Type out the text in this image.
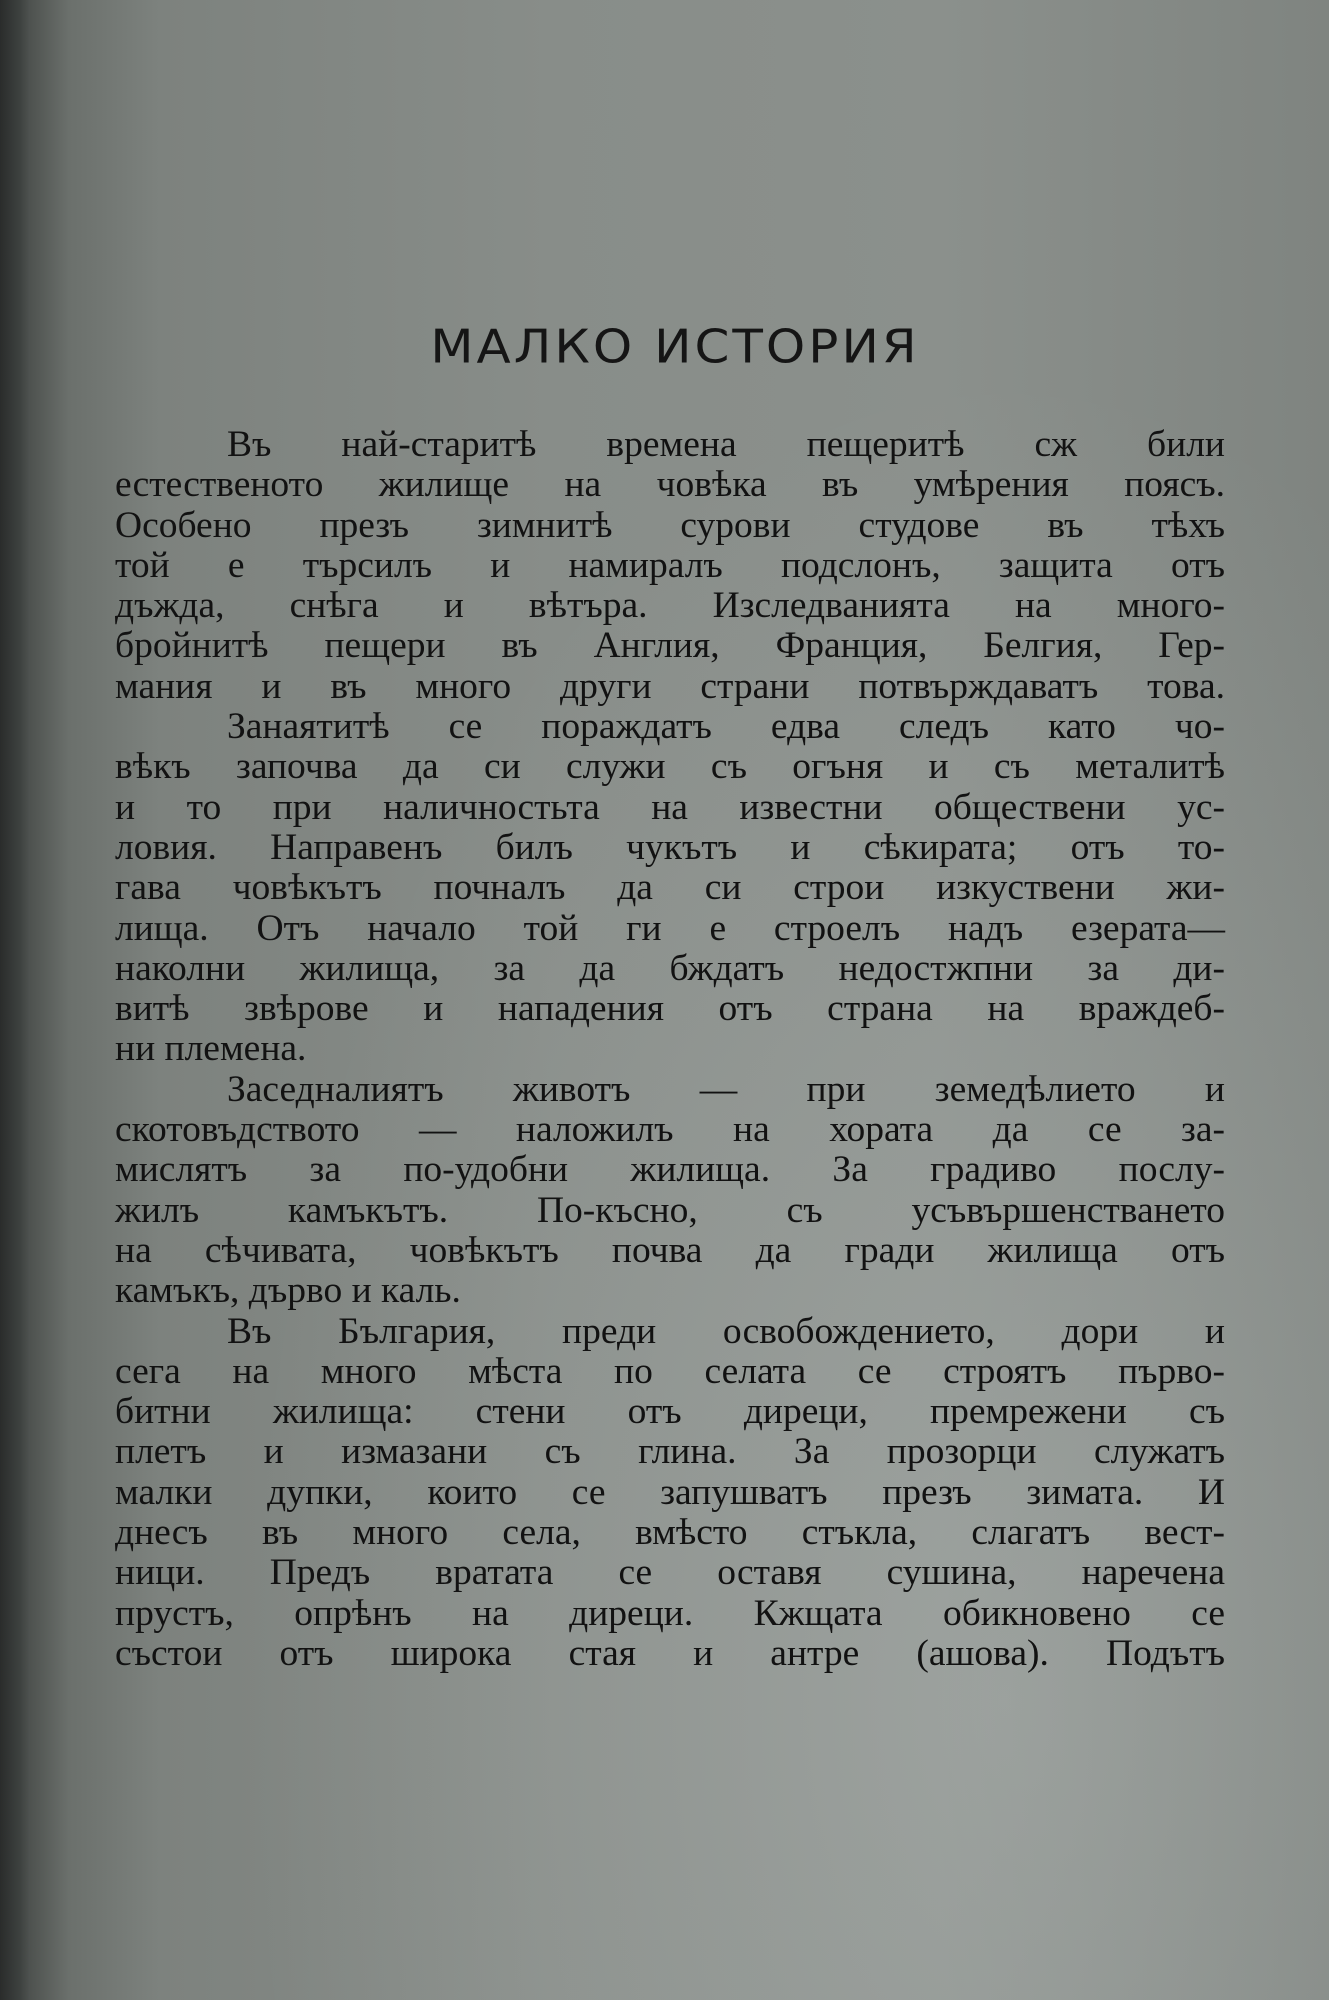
МАЛКО ИСТОРИЯ
Въ най-старитѣ времена пещеритѣ сж били
естественото жилище на човѣка въ умѣрения поясъ.
Особено презъ зимнитѣ сурови студове въ тѣхъ
той е търсилъ и намиралъ подслонъ, защита отъ
дъжда, снѣга и вѣтъра. Изследванията на много-
бройнитѣ пещери въ Англия, Франция, Белгия, Гер-
мания и въ много други страни потвърждаватъ това.
Занаятитѣ се пораждатъ едва следъ като чо-
вѣкъ започва да си служи съ огъня и съ металитѣ
и то при наличностьта на известни обществени ус-
ловия. Направенъ билъ чукътъ и сѣкирата; отъ то-
гава човѣкътъ почналъ да си строи изкуствени жи-
лища. Отъ начало той ги е строелъ надъ езерата—
наколни жилища, за да бждатъ недостжпни за ди-
витѣ звѣрове и нападения отъ страна на враждеб-
ни племена.
Заседналиятъ животъ — при земедѣлието и
скотовъдството — наложилъ на хората да се за-
мислятъ за по-удобни жилища. За градиво послу-
жилъ камъкътъ. По-късно, съ усъвършенстването
на сѣчивата, човѣкътъ почва да гради жилища отъ
камъкъ, дърво и каль.
Въ България, преди освобождението, дори и
сега на много мѣста по селата се строятъ първо-
битни жилища: стени отъ диреци, премрежени съ
плетъ и измазани съ глина. За прозорци служатъ
малки дупки, които се запушватъ презъ зимата. И
днесъ въ много села, вмѣсто стъкла, слагатъ вест-
ници. Предъ вратата се оставя сушина, наречена
прустъ, опрѣнъ на диреци. Кжщата обикновено се
състои отъ широка стая и антре (ашова). Подътъ
